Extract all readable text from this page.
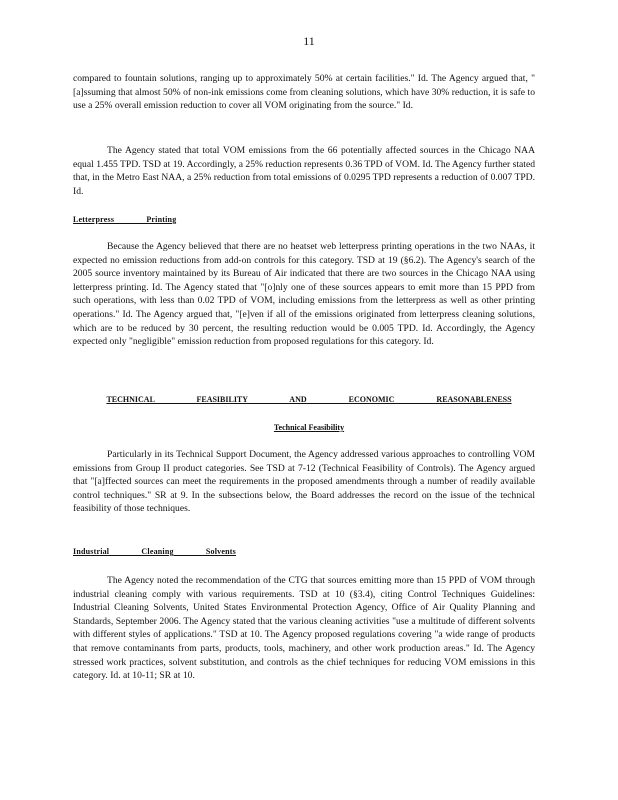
11

compared to fountain solutions, ranging up to approximately 50% at certain facilities." Id. The Agency argued that, "[a]ssuming that almost 50% of non-ink emissions come from cleaning solutions, which have 30% reduction, it is safe to use a 25% overall emission reduction to cover all VOM originating from the source." Id.

The Agency stated that total VOM emissions from the 66 potentially affected sources in the Chicago NAA equal 1.455 TPD. TSD at 19. Accordingly, a 25% reduction represents 0.36 TPD of VOM. Id. The Agency further stated that, in the Metro East NAA, a 25% reduction from total emissions of 0.0295 TPD represents a reduction of 0.007 TPD. Id.

Letterpress Printing

Because the Agency believed that there are no heatset web letterpress printing operations in the two NAAs, it expected no emission reductions from add-on controls for this category. TSD at 19 (§6.2). The Agency's search of the 2005 source inventory maintained by its Bureau of Air indicated that there are two sources in the Chicago NAA using letterpress printing. Id. The Agency stated that "[o]nly one of these sources appears to emit more than 15 PPD from such operations, with less than 0.02 TPD of VOM, including emissions from the letterpress as well as other printing operations." Id. The Agency argued that, "[e]ven if all of the emissions originated from letterpress cleaning solutions, which are to be reduced by 30 percent, the resulting reduction would be 0.005 TPD. Id. Accordingly, the Agency expected only "negligible" emission reduction from proposed regulations for this category. Id.

TECHNICAL FEASIBILITY AND ECONOMIC REASONABLENESS
Technical Feasibility

Particularly in its Technical Support Document, the Agency addressed various approaches to controlling VOM emissions from Group II product categories. See TSD at 7-12 (Technical Feasibility of Controls). The Agency argued that "[a]ffected sources can meet the requirements in the proposed amendments through a number of readily available control techniques." SR at 9. In the subsections below, the Board addresses the record on the issue of the technical feasibility of those techniques.

Industrial Cleaning Solvents

The Agency noted the recommendation of the CTG that sources emitting more than 15 PPD of VOM through industrial cleaning comply with various requirements. TSD at 10 (§3.4), citing Control Techniques Guidelines: Industrial Cleaning Solvents, United States Environmental Protection Agency, Office of Air Quality Planning and Standards, September 2006. The Agency stated that the various cleaning activities "use a multitude of different solvents with different styles of applications." TSD at 10. The Agency proposed regulations covering "a wide range of products that remove contaminants from parts, products, tools, machinery, and other work production areas." Id. The Agency stressed work practices, solvent substitution, and controls as the chief techniques for reducing VOM emissions in this category. Id. at 10-11; SR at 10.
